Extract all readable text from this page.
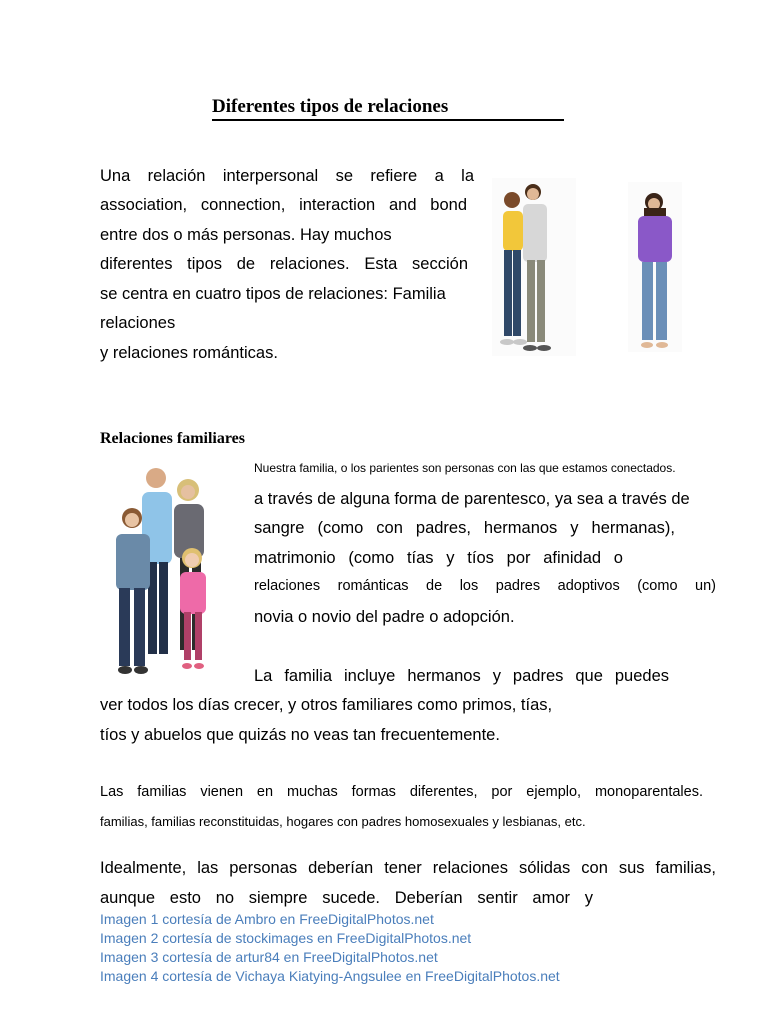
Diferentes tipos de relaciones
Una relación interpersonal se refiere a la
association, connection, interaction and bond
entre dos o más personas. Hay muchos
diferentes tipos de relaciones. Esta sección
se centra en cuatro tipos de relaciones: Familia
relaciones
y relaciones románticas.
Relaciones familiares
Nuestra familia, o los parientes son personas con las que estamos conectados.
a través de alguna forma de parentesco, ya sea a través de
sangre (como con padres, hermanos y hermanas),
matrimonio (como tías y tíos por afinidad o
relaciones románticas de los padres adoptivos (como un)
novia o novio del padre o adopción.
La familia incluye hermanos y padres que puedes
ver todos los días crecer, y otros familiares como primos, tías,
tíos y abuelos que quizás no veas tan frecuentemente.
Las familias vienen en muchas formas diferentes, por ejemplo, monoparentales.
familias, familias reconstituidas, hogares con padres homosexuales y lesbianas, etc.
Idealmente, las personas deberían tener relaciones sólidas con sus familias,
aunque esto no siempre sucede. Deberían sentir amor y
Imagen 1 cortesía de Ambro en FreeDigitalPhotos.net
Imagen 2 cortesía de stockimages en FreeDigitalPhotos.net
Imagen 3 cortesía de artur84 en FreeDigitalPhotos.net
Imagen 4 cortesía de Vichaya Kiatying-Angsulee en FreeDigitalPhotos.net
